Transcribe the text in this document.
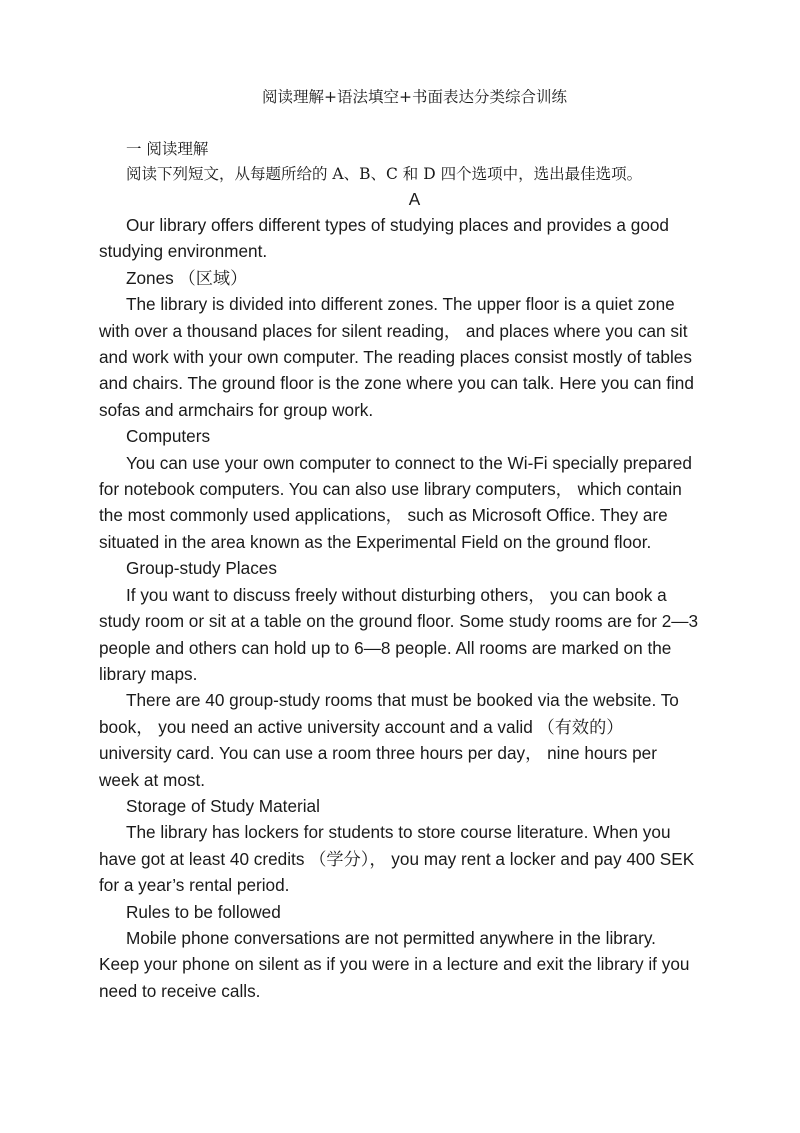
阅读理解+语法填空+书面表达分类综合训练

一 阅读理解

阅读下列短文，从每题所给的 A、B、C 和 D 四个选项中，选出最佳选项。

A

Our library offers different types of studying places and provides a good studying environment.

Zones （区域）

The library is divided into different zones. The upper floor is a quiet zone with over a thousand places for silent reading， and places where you can sit and work with your own computer. The reading places consist mostly of tables and chairs. The ground floor is the zone where you can talk. Here you can find sofas and armchairs for group work.

Computers

You can use your own computer to connect to the Wi-Fi specially prepared for notebook computers. You can also use library computers， which contain the most commonly used applications， such as Microsoft Office. They are situated in the area known as the Experimental Field on the ground floor.

Group-study Places

If you want to discuss freely without disturbing others， you can book a study room or sit at a table on the ground floor. Some study rooms are for 2—3 people and others can hold up to 6—8 people. All rooms are marked on the library maps.

There are 40 group-study rooms that must be booked via the website. To book， you need an active university account and a valid （有效的） university card. You can use a room three hours per day， nine hours per week at most.

Storage of Study Material

The library has lockers for students to store course literature. When you have got at least 40 credits （学分）， you may rent a locker and pay 400 SEK for a year’s rental period.

Rules to be followed

Mobile phone conversations are not permitted anywhere in the library. Keep your phone on silent as if you were in a lecture and exit the library if you need to receive calls.
